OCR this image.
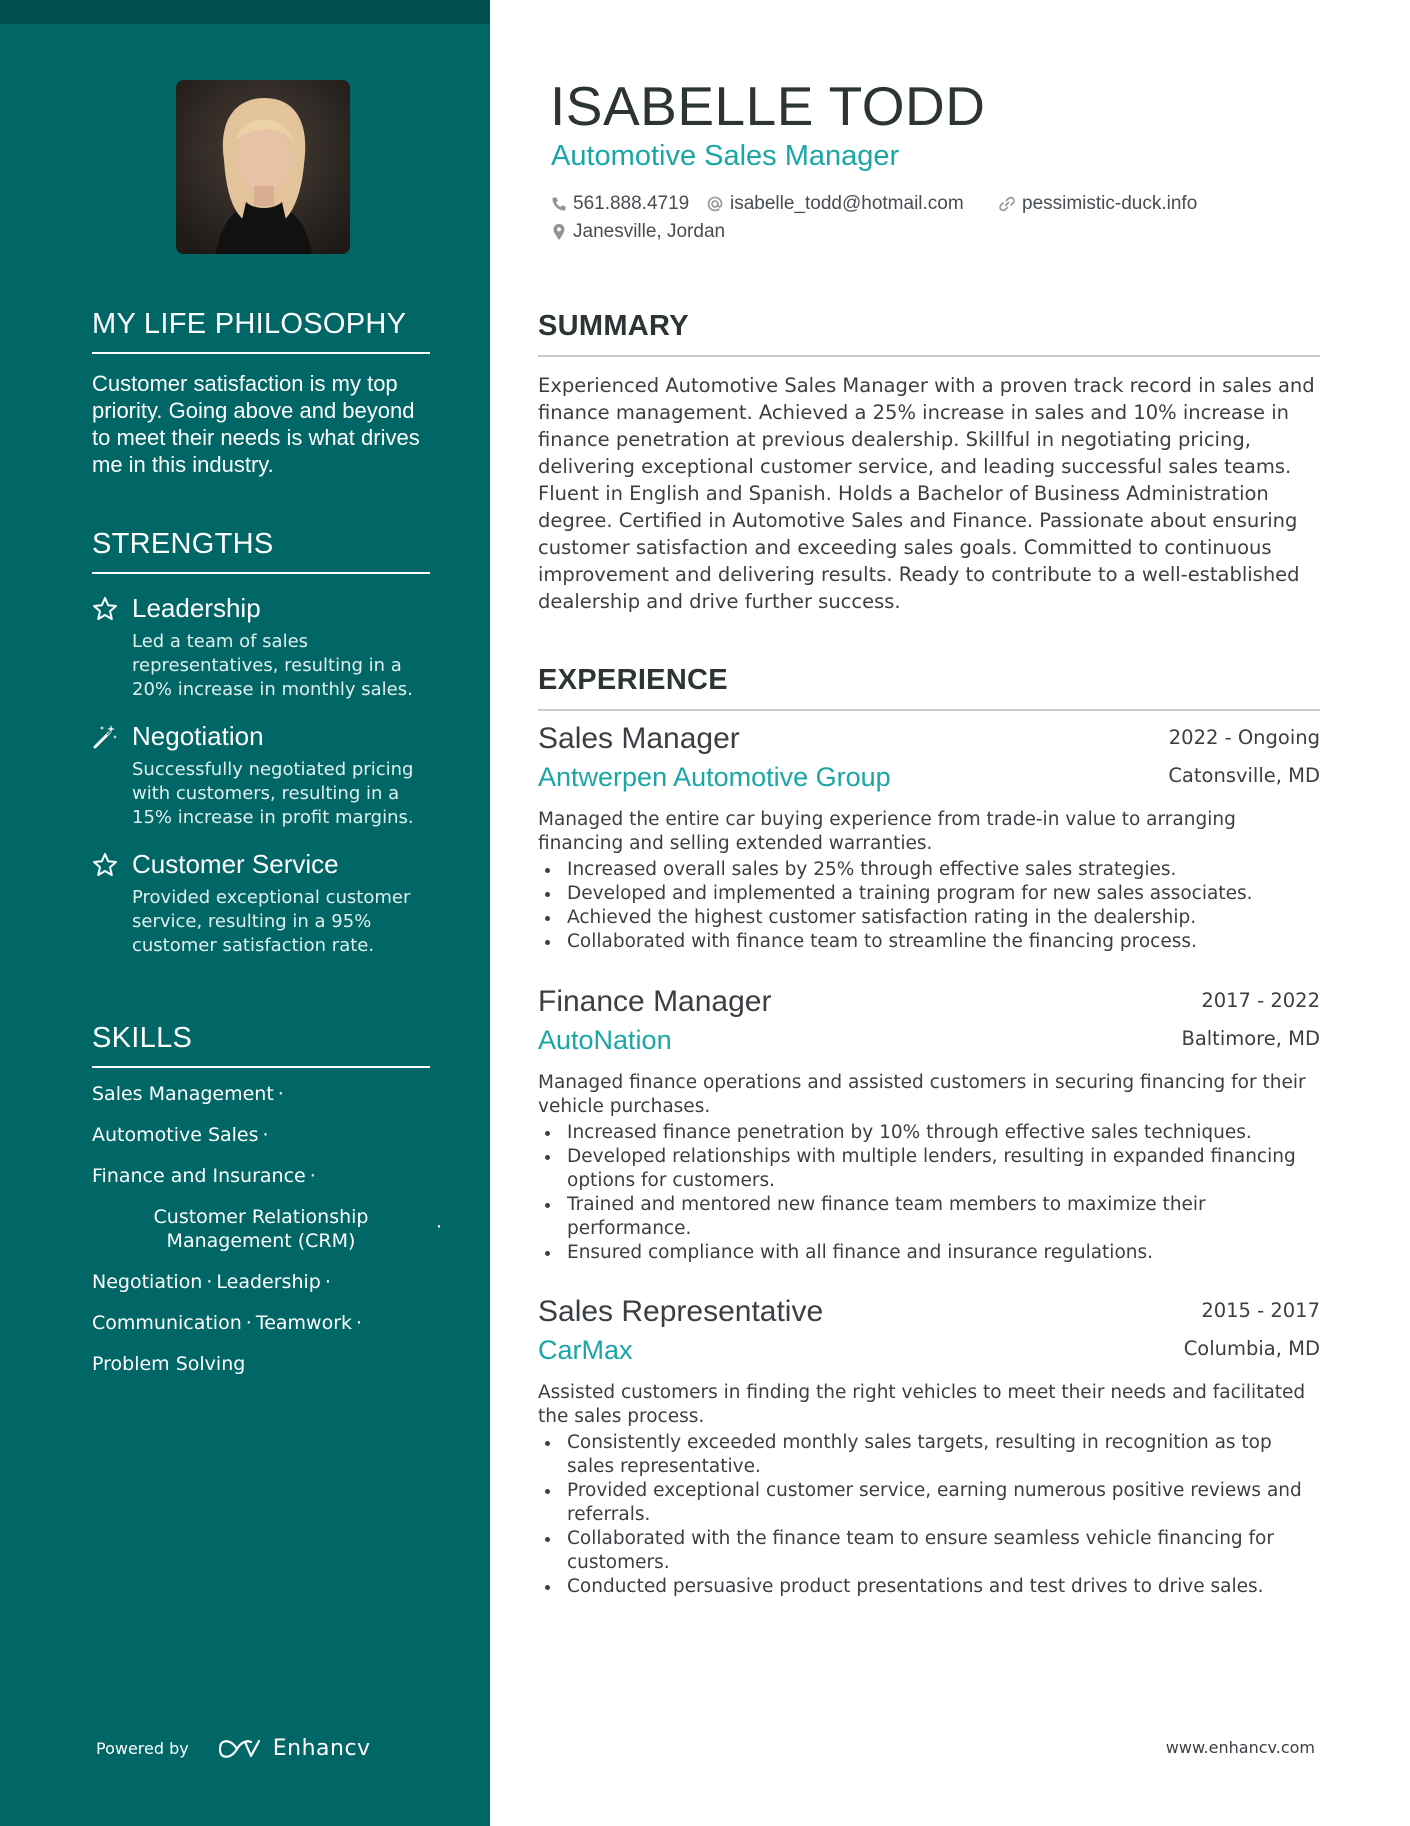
MY LIFE PHILOSOPHY

Customer satisfaction is my top priority. Going above and beyond to meet their needs is what drives me in this industry.

STRENGTHS
Leadership
Led a team of sales representatives, resulting in a 20% increase in monthly sales.
Negotiation
Successfully negotiated pricing with customers, resulting in a 15% increase in profit margins.
Customer Service
Provided exceptional customer service, resulting in a 95% customer satisfaction rate.
SKILLS
Sales Management ·
Automotive Sales ·
Finance and Insurance ·
Customer Relationship Management (CRM)
·
Negotiation · Leadership ·
Communication · Teamwork ·
Problem Solving
Powered by	Enhancv
ISABELLE TODD
Automotive Sales Manager
561.888.4719 isabelle_todd@hotmail.com	pessimistic-duck.info
Janesville, Jordan
SUMMARY

Experienced Automotive Sales Manager with a proven track record in sales and finance management. Achieved a 25% increase in sales and 10% increase in finance penetration at previous dealership. Skillful in negotiating pricing, delivering exceptional customer service, and leading successful sales teams. Fluent in English and Spanish. Holds a Bachelor of Business Administration degree. Certified in Automotive Sales and Finance. Passionate about ensuring customer satisfaction and exceeding sales goals. Committed to continuous improvement and delivering results. Ready to contribute to a well-established dealership and drive further success.

EXPERIENCE
Sales Manager	2022 - Ongoing
Antwerpen Automotive Group	Catonsville, MD

Managed the entire car buying experience from trade-in value to arranging financing and selling extended warranties.

Increased overall sales by 25% through effective sales strategies.
Developed and implemented a training program for new sales associates.
Achieved the highest customer satisfaction rating in the dealership.
Collaborated with finance team to streamline the financing process.
Finance Manager	2017 - 2022
AutoNation	Baltimore, MD

Managed finance operations and assisted customers in securing financing for their vehicle purchases.

Increased finance penetration by 10% through effective sales techniques.
Developed relationships with multiple lenders, resulting in expanded financing options for customers.
Trained and mentored new finance team members to maximize their performance.
Ensured compliance with all finance and insurance regulations.
Sales Representative	2015 - 2017
CarMax	Columbia, MD

Assisted customers in finding the right vehicles to meet their needs and facilitated the sales process.

Consistently exceeded monthly sales targets, resulting in recognition as top sales representative.
Provided exceptional customer service, earning numerous positive reviews and referrals.
Collaborated with the finance team to ensure seamless vehicle financing for customers.
Conducted persuasive product presentations and test drives to drive sales.
www.enhancv.com
